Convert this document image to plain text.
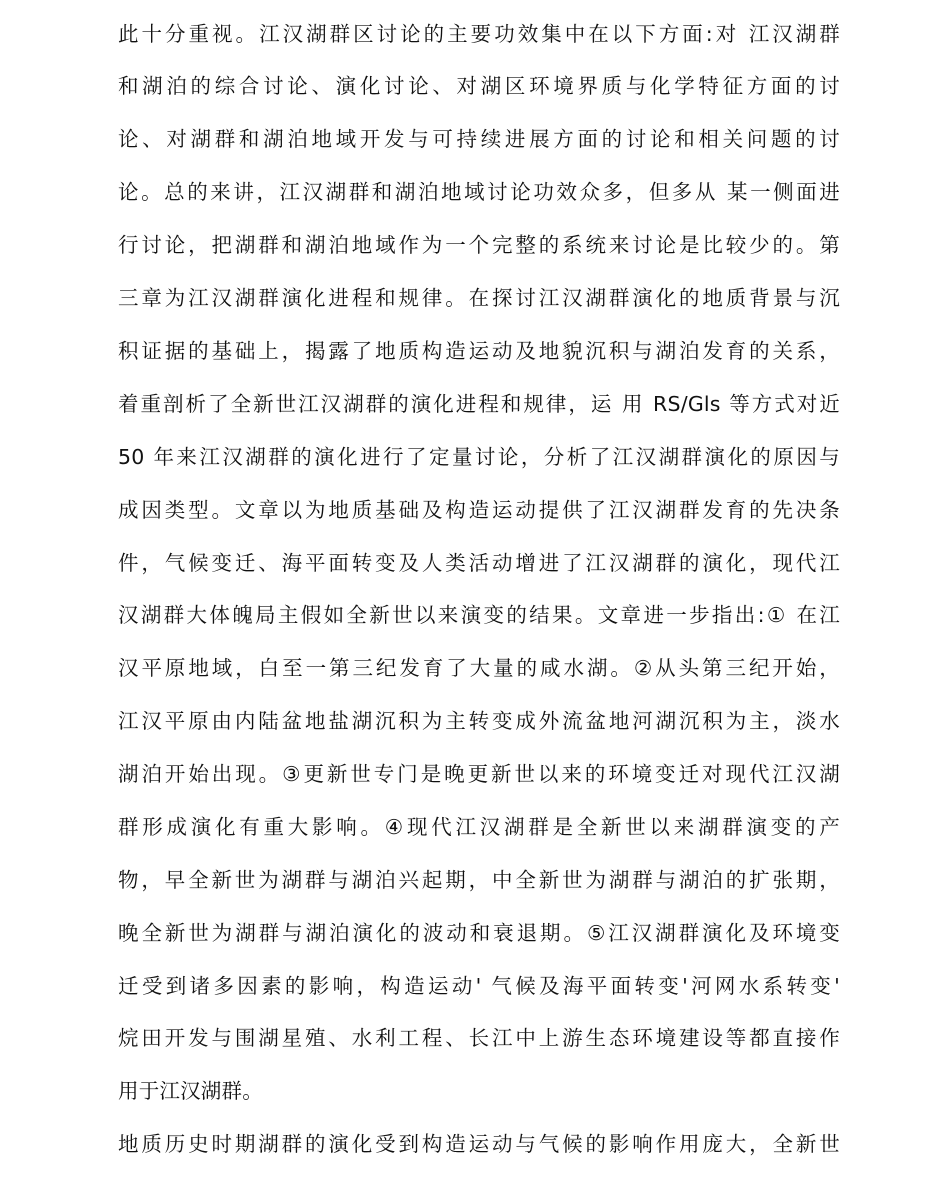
此十分重视。江汉湖群区讨论的主要功效集中在以下方面:对 江汉湖群
和湖泊的综合讨论、演化讨论、对湖区环境界质与化学特征方面的讨
论、对湖群和湖泊地域开发与可持续进展方面的讨论和相关问题的讨
论。总的来讲，江汉湖群和湖泊地域讨论功效众多，但多从 某一侧面进
行讨论，把湖群和湖泊地域作为一个完整的系统来讨论是比较少的。第
三章为江汉湖群演化进程和规律。在探讨江汉湖群演化的地质背景与沉
积证据的基础上，揭露了地质构造运动及地貌沉积与湖泊发育的关系，
着重剖析了全新世江汉湖群的演化进程和规律，运 用 RS/Gls 等方式对近
50 年来江汉湖群的演化进行了定量讨论，分析了江汉湖群演化的原因与
成因类型。文章以为地质基础及构造运动提供了江汉湖群发育的先决条
件，气候变迁、海平面转变及人类活动增进了江汉湖群的演化，现代江
汉湖群大体魄局主假如全新世以来演变的结果。文章进一步指出:① 在江
汉平原地域，白至一第三纪发育了大量的咸水湖。②从头第三纪开始，
江汉平原由内陆盆地盐湖沉积为主转变成外流盆地河湖沉积为主，淡水
湖泊开始出现。③更新世专门是晚更新世以来的环境变迁对现代江汉湖
群形成演化有重大影响。④现代江汉湖群是全新世以来湖群演变的产
物，早全新世为湖群与湖泊兴起期，中全新世为湖群与湖泊的扩张期，
晚全新世为湖群与湖泊演化的波动和衰退期。⑤江汉湖群演化及环境变
迁受到诸多因素的影响，构造运动' 气候及海平面转变'河网水系转变'
烷田开发与围湖星殖、水利工程、长江中上游生态环境建设等都直接作
用于江汉湖群。
地质历史时期湖群的演化受到构造运动与气候的影响作用庞大，全新世
